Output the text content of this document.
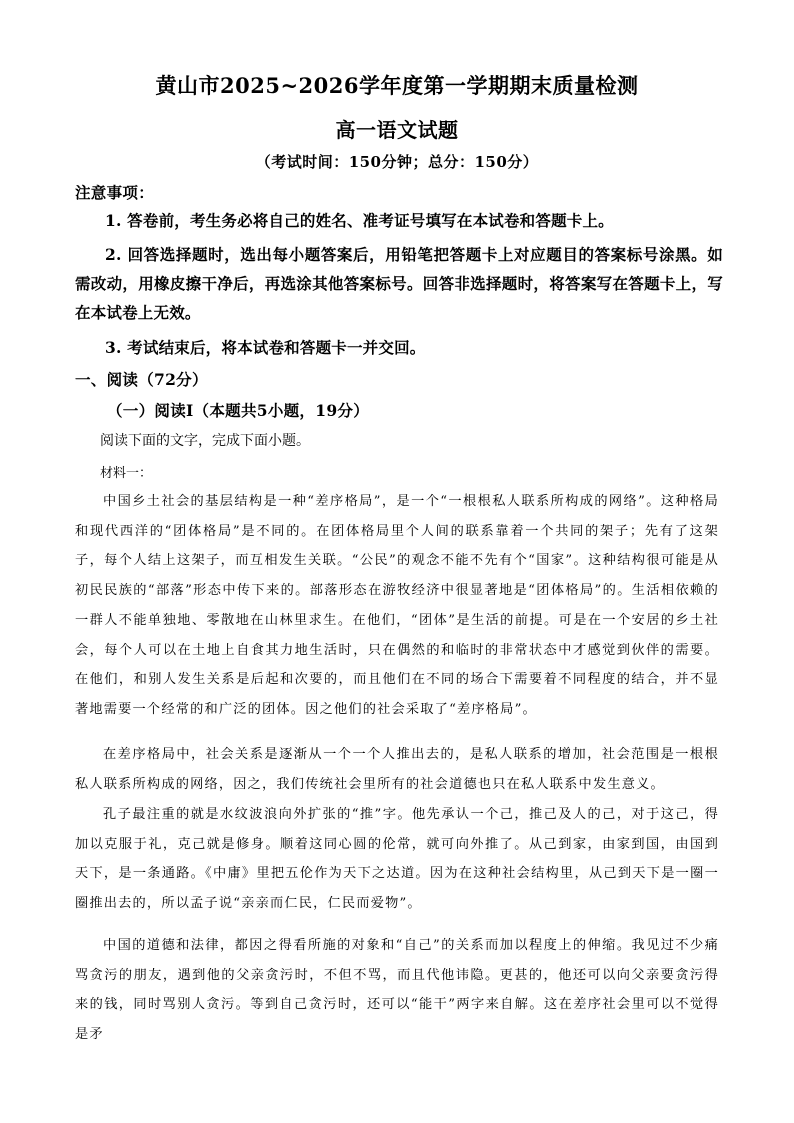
黄山市2025~2026学年度第一学期期末质量检测
高一语文试题
（考试时间：150分钟；总分：150分）
注意事项：
1. 答卷前，考生务必将自己的姓名、准考证号填写在本试卷和答题卡上。
2. 回答选择题时，选出每小题答案后，用铅笔把答题卡上对应题目的答案标号涂黑。如需改动，用橡皮擦干净后，再选涂其他答案标号。回答非选择题时，将答案写在答题卡上，写在本试卷上无效。
3. 考试结束后，将本试卷和答题卡一并交回。
一、阅读（72分）
（一）阅读Ⅰ（本题共5小题，19分）
阅读下面的文字，完成下面小题。
材料一：
中国乡土社会的基层结构是一种“差序格局”，是一个“一根根私人联系所构成的网络”。这种格局和现代西洋的“团体格局”是不同的。在团体格局里个人间的联系靠着一个共同的架子；先有了这架子，每个人结上这架子，而互相发生关联。“公民”的观念不能不先有个“国家”。这种结构很可能是从初民民族的“部落”形态中传下来的。部落形态在游牧经济中很显著地是“团体格局”的。生活相依赖的一群人不能单独地、零散地在山林里求生。在他们，“团体”是生活的前提。可是在一个安居的乡土社会，每个人可以在土地上自食其力地生活时，只在偶然的和临时的非常状态中才感觉到伙伴的需要。在他们，和别人发生关系是后起和次要的，而且他们在不同的场合下需要着不同程度的结合，并不显著地需要一个经常的和广泛的团体。因之他们的社会采取了“差序格局”。
在差序格局中，社会关系是逐渐从一个一个人推出去的，是私人联系的增加，社会范围是一根根私人联系所构成的网络，因之，我们传统社会里所有的社会道德也只在私人联系中发生意义。
孔子最注重的就是水纹波浪向外扩张的“推”字。他先承认一个己，推己及人的己，对于这己，得加以克服于礼，克己就是修身。顺着这同心圆的伦常，就可向外推了。从己到家，由家到国，由国到天下，是一条通路。《中庸》里把五伦作为天下之达道。因为在这种社会结构里，从己到天下是一圈一圈推出去的，所以孟子说“亲亲而仁民，仁民而爱物”。
中国的道德和法律，都因之得看所施的对象和“自己”的关系而加以程度上的伸缩。我见过不少痛骂贪污的朋友，遇到他的父亲贪污时，不但不骂，而且代他讳隐。更甚的，他还可以向父亲要贪污得来的钱，同时骂别人贪污。等到自己贪污时，还可以“能干”两字来自解。这在差序社会里可以不觉得是矛
